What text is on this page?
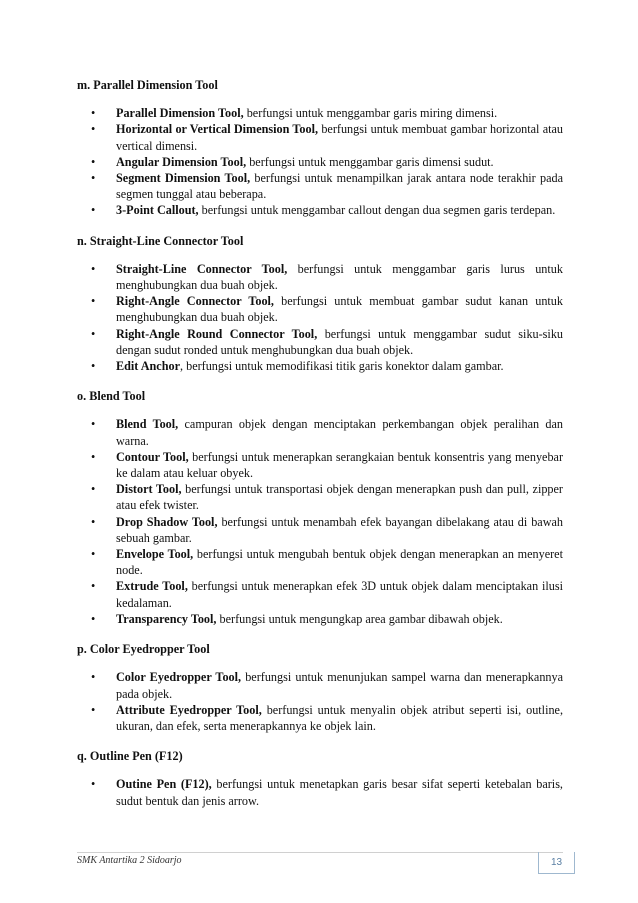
m. Parallel Dimension Tool

• Parallel Dimension Tool, berfungsi untuk menggambar garis miring dimensi.
• Horizontal or Vertical Dimension Tool, berfungsi untuk membuat gambar horizontal atau vertical dimensi.
• Angular Dimension Tool, berfungsi untuk menggambar garis dimensi sudut.
• Segment Dimension Tool, berfungsi untuk menampilkan jarak antara node terakhir pada segmen tunggal atau beberapa.
• 3-Point Callout, berfungsi untuk menggambar callout dengan dua segmen garis terdepan.

n. Straight-Line Connector Tool

• Straight-Line Connector Tool, berfungsi untuk menggambar garis lurus untuk menghubungkan dua buah objek.
• Right-Angle Connector Tool, berfungsi untuk membuat gambar sudut kanan untuk menghubungkan dua buah objek.
• Right-Angle Round Connector Tool, berfungsi untuk menggambar sudut siku-siku dengan sudut ronded untuk menghubungkan dua buah objek.
• Edit Anchor, berfungsi untuk memodifikasi titik garis konektor dalam gambar.

o. Blend Tool

• Blend Tool, campuran objek dengan menciptakan perkembangan objek peralihan dan warna.
• Contour Tool, berfungsi untuk menerapkan serangkaian bentuk konsentris yang menyebar ke dalam atau keluar obyek.
• Distort Tool, berfungsi untuk transportasi objek dengan menerapkan push dan pull, zipper atau efek twister.
• Drop Shadow Tool, berfungsi untuk menambah efek bayangan dibelakang atau di bawah sebuah gambar.
• Envelope Tool, berfungsi untuk mengubah bentuk objek dengan menerapkan an menyeret node.
• Extrude Tool, berfungsi untuk menerapkan efek 3D untuk objek dalam menciptakan ilusi kedalaman.
• Transparency Tool, berfungsi untuk mengungkap area gambar dibawah objek.

p. Color Eyedropper Tool

• Color Eyedropper Tool, berfungsi untuk menunjukan sampel warna dan menerapkannya pada objek.
• Attribute Eyedropper Tool, berfungsi untuk menyalin objek atribut seperti isi, outline, ukuran, dan efek, serta menerapkannya ke objek lain.

q. Outline Pen (F12)

• Outine Pen (F12), berfungsi untuk menetapkan garis besar sifat seperti ketebalan baris, sudut bentuk dan jenis arrow.
SMK Antartika 2 Sidoarjo	13
